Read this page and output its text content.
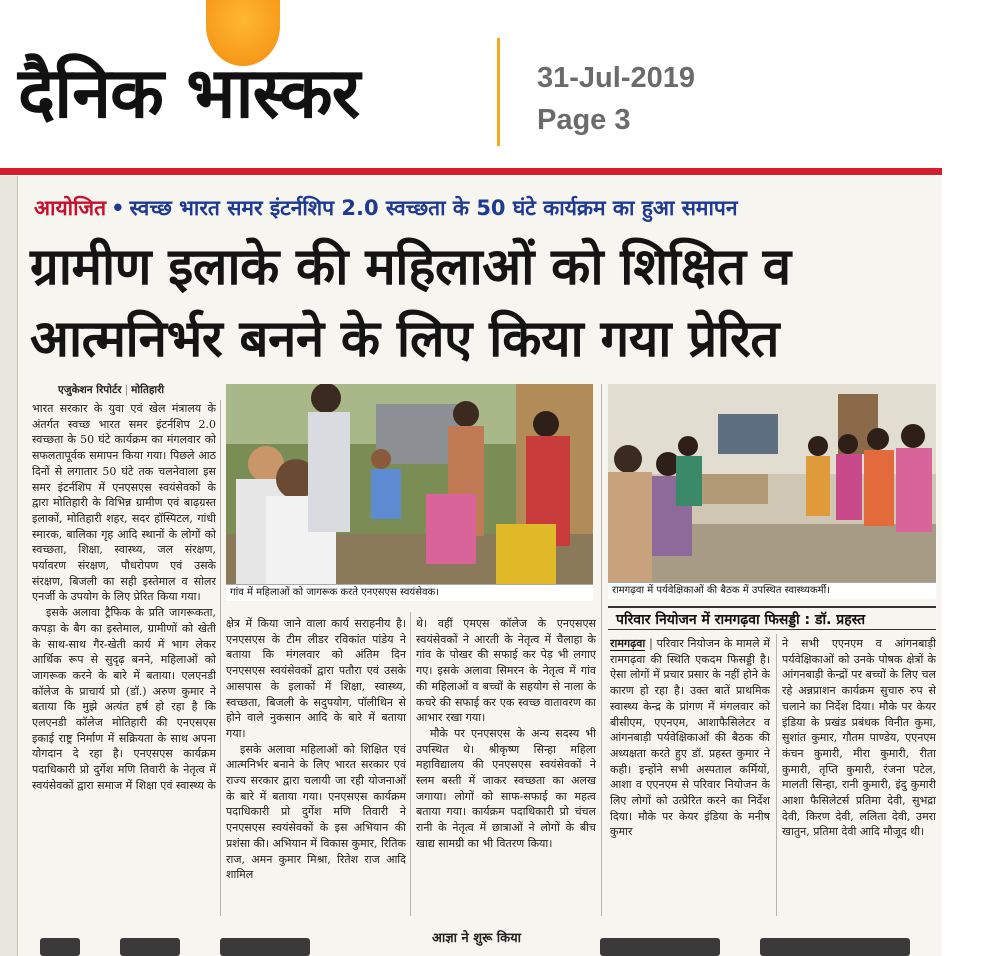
दैनिक भास्कर	31-Jul-2019
Page 3
आयोजित • स्वच्छ भारत समर इंटर्नशिप 2.0 स्वच्छता के 50 घंटे कार्यक्रम का हुआ समापन
ग्रामीण इलाके की महिलाओं को शिक्षित व
आत्मनिर्भर बनने के लिए किया गया प्रेरित
एजुकेशन रिपोर्टर | मोतिहारी

भारत सरकार के युवा एवं खेल मंत्रालय के अंतर्गत स्वच्छ भारत समर इंटर्नशिप 2.0 स्वच्छता के 50 घंटे कार्यक्रम का मंगलवार को सफलतापूर्वक समापन किया गया। पिछले आठ दिनों से लगातार 50 घंटे तक चलनेवाला इस समर इंटर्नशिप में एनएसएस स्वयंसेवकों के द्वारा मोतिहारी के विभिन्न ग्रामीण एवं बाढ़ग्रस्त इलाकों, मोतिहारी शहर, सदर हॉस्पिटल, गांधी स्मारक, बालिका गृह आदि स्थानों के लोगों को स्वच्छता, शिक्षा, स्वास्थ्य, जल संरक्षण, पर्यावरण संरक्षण, पौधरोपण एवं उसके संरक्षण, बिजली का सही इस्तेमाल व सोलर एनर्जी के उपयोग के लिए प्रेरित किया गया।

इसके अलावा ट्रैफिक के प्रति जागरूकता, कपड़ा के बैग का इस्तेमाल, ग्रामीणों को खेती के साथ-साथ गैर-खेती कार्य में भाग लेकर आर्थिक रूप से सुदृढ़ बनने, महिलाओं को जागरूक करने के बारे में बताया। एलएनडी कॉलेज के प्राचार्य प्रो (डॉ.) अरुण कुमार ने बताया कि मुझे अत्यंत हर्ष हो रहा है कि एलएनडी कॉलेज मोतिहारी की एनएसएस इकाई राष्ट्र निर्माण में सक्रियता के साथ अपना योगदान दे रहा है। एनएसएस कार्यक्रम पदाधिकारी प्रो दुर्गेश मणि तिवारी के नेतृत्व में स्वयंसेवकों द्वारा समाज में शिक्षा एवं स्वास्थ्य के

गांव में महिलाओं को जागरूक करते एनएसएस स्वयंसेवक।

क्षेत्र में किया जाने वाला कार्य सराहनीय है। एनएसएस के टीम लीडर रविकांत पांडेय ने बताया कि मंगलवार को अंतिम दिन एनएसएस स्वयंसेवकों द्वारा पतौरा एवं उसके आसपास के इलाकों में शिक्षा, स्वास्थ्य, स्वच्छता, बिजली के सदुपयोग, पॉलीथिन से होने वाले नुकसान आदि के बारे में बताया गया।

इसके अलावा महिलाओं को शिक्षित एवं आत्मनिर्भर बनाने के लिए भारत सरकार एवं राज्य सरकार द्वारा चलायी जा रही योजनाओं के बारे में बताया गया। एनएसएस कार्यक्रम पदाधिकारी प्रो दुर्गेश मणि तिवारी ने एनएसएस स्वयंसेवकों के इस अभियान की प्रशंसा की। अभियान में विकास कुमार, रितिक राज, अमन कुमार मिश्रा, रितेश राज आदि शामिल

थे। वहीं एमएस कॉलेज के एनएसएस स्वयंसेवकों ने आरती के नेतृत्व में चैलाहा के गांव के पोखर की सफाई कर पेड़ भी लगाए गए। इसके अलावा सिमरन के नेतृत्व में गांव की महिलाओं व बच्चों के सहयोग से नाला के कचरे की सफाई कर एक स्वच्छ वातावरण का आभार रखा गया।

मौके पर एनएसएस के अन्य सदस्य भी उपस्थित थे। श्रीकृष्ण सिन्हा महिला महाविद्यालय की एनएसएस स्वयंसेवकों ने स्लम बस्ती में जाकर स्वच्छता का अलख जगाया। लोगों को साफ-सफाई का महत्व बताया गया। कार्यक्रम पदाधिकारी प्रो चंचल रानी के नेतृत्व में छात्राओं ने लोगों के बीच खाद्य सामग्री का भी वितरण किया।

रामगढ़वा में पर्यवेक्षिकाओं की बैठक में उपस्थित स्वास्थ्यकर्मी।
परिवार नियोजन में रामगढ़वा फिसड्डी : डॉ. प्रहस्त

रामगढ़वा | परिवार नियोजन के मामले में रामगढ़वा की स्थिति एकदम फिसड्डी है। ऐसा लोगों में प्रचार प्रसार के नहीं होने के कारण हो रहा है। उक्त बातें प्राथमिक स्वास्थ्य केन्द्र के प्रांगण में मंगलवार को बीसीएम, एएनएम, आशाफैसिलेटर व आंगनबाड़ी पर्यवेक्षिकाओं की बैठक की अध्यक्षता करते हुए डॉ. प्रहस्त कुमार ने कही। इन्होंने सभी अस्पताल कर्मियों, आशा व एएनएम से परिवार नियोजन के लिए लोगों को उत्प्रेरित करने का निर्देश दिया। मौके पर केयर इंडिया के मनीष कुमार

ने सभी एएनएम व आंगनबाड़ी पर्यवेक्षिकाओं को उनके पोषक क्षेत्रों के आंगनबाड़ी केन्द्रों पर बच्चों के लिए चल रहे अन्नप्राशन कार्यक्रम सुचारु रुप से चलाने का निर्देश दिया। मौके पर केयर इंडिया के प्रखंड प्रबंधक विनीत कुमा, सुशांत कुमार, गौतम पाण्डेय, एएनएम कंचन कुमारी, मीरा कुमारी, रीता कुमारी, तृप्ति कुमारी, रंजना पटेल, मालती सिन्हा, रानी कुमारी, इंदु कुमारी आशा फैसिलेटर्स प्रतिमा देवी, सुभद्रा देवी, किरण देवी, ललिता देवी, उमरा खातुन, प्रतिमा देवी आदि मौजूद थी।

आज्ञा ने शुरू किया
